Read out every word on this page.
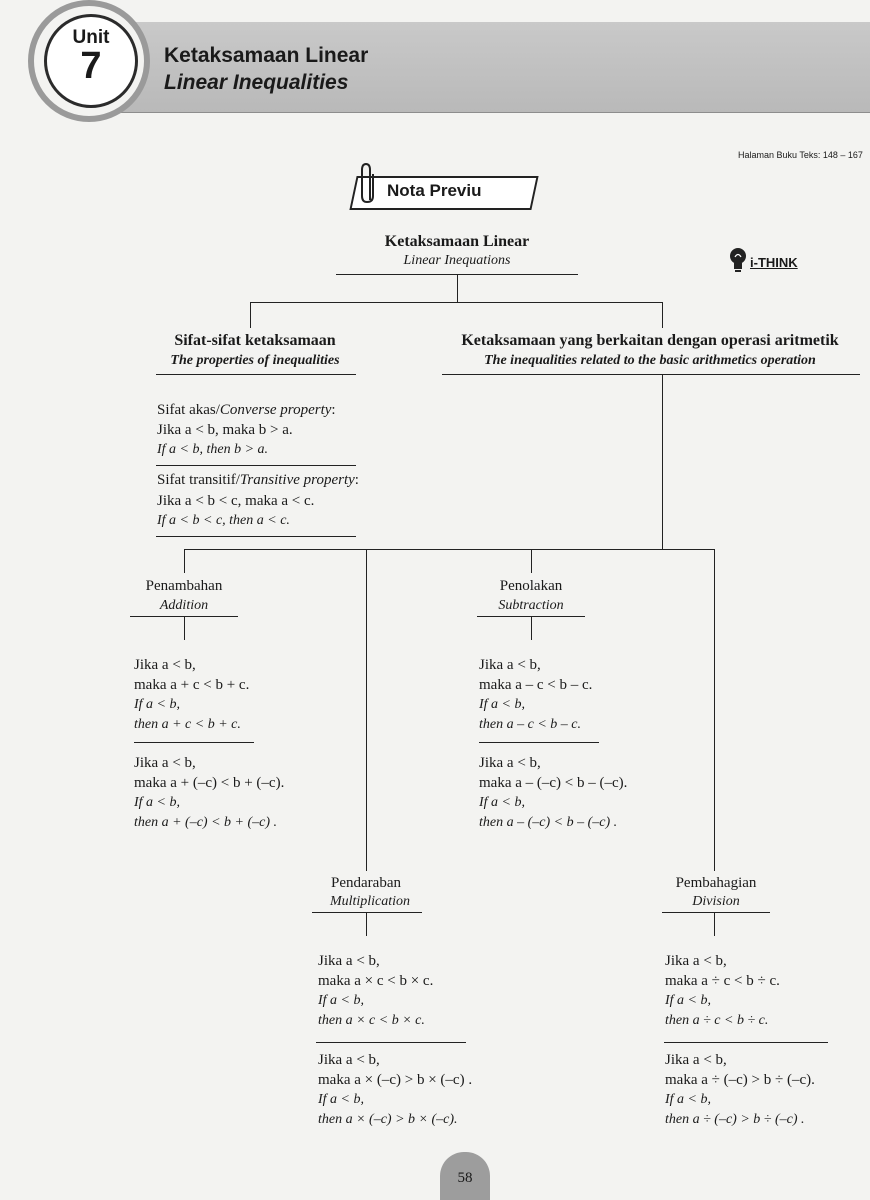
Unit
7	Ketaksamaan Linear
Linear Inequalities
Halaman Buku Teks: 148 – 167
Nota Previu
i-THINK
Ketaksamaan Linear
Linear Inequations
Sifat-sifat ketaksamaan
The properties of inequalities
Sifat akas/Converse property:
Jika a < b, maka b > a.
If a < b, then b > a.
Sifat transitif/Transitive property:
Jika a < b < c, maka a < c.
If a < b < c, then a < c.
Ketaksamaan yang berkaitan dengan operasi aritmetik
The inequalities related to the basic arithmetics operation
Penambahan
Addition
Jika a < b,
maka a + c < b + c.
If a < b,
then a + c < b + c.
Jika a < b,
maka a + (–c) < b + (–c).
If a < b,
then a + (–c) < b + (–c) .
Penolakan
Subtraction
Jika a < b,
maka a – c < b – c.
If a < b,
then a – c < b – c.
Jika a < b,
maka a – (–c) < b – (–c).
If a < b,
then a – (–c) < b – (–c) .
Pendaraban
Multiplication
Jika a < b,
maka a × c < b × c.
If a < b,
then a × c < b × c.
Jika a < b,
maka a × (–c) > b × (–c) .
If a < b,
then a × (–c) > b × (–c).
Pembahagian
Division
Jika a < b,
maka a ÷ c < b ÷ c.
If a < b,
then a ÷ c < b ÷ c.
Jika a < b,
maka a ÷ (–c) > b ÷ (–c).
If a < b,
then a ÷ (–c) > b ÷ (–c) .
58
